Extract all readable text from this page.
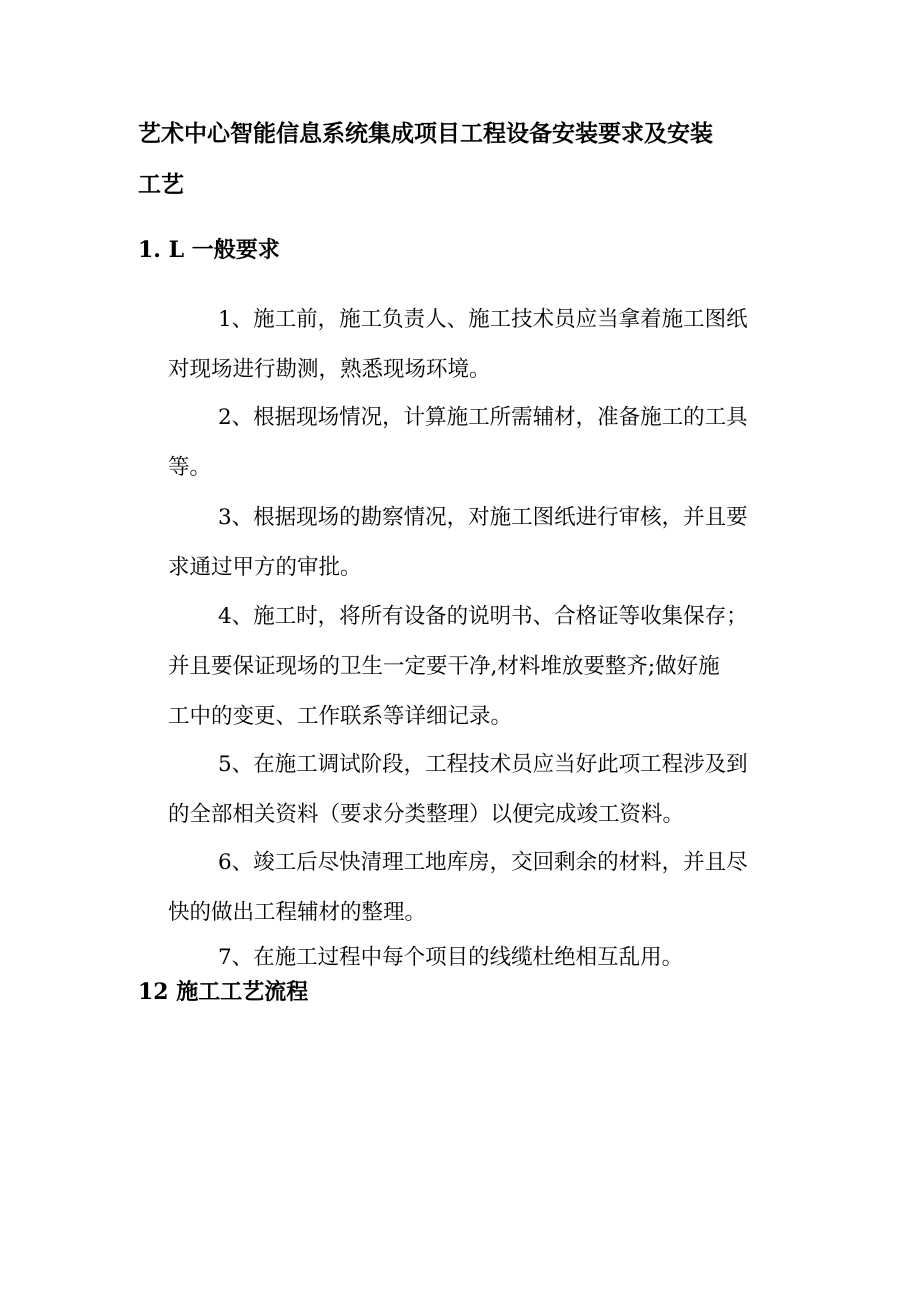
艺术中心智能信息系统集成项目工程设备安装要求及安装
工艺
1. L 一般要求

1、施工前，施工负责人、施工技术员应当拿着施工图纸
对现场进行勘测，熟悉现场环境。

2、根据现场情况，计算施工所需辅材，准备施工的工具
等。

3、根据现场的勘察情况，对施工图纸进行审核，并且要
求通过甲方的审批。

4、施工时，将所有设备的说明书、合格证等收集保存；
并且要保证现场的卫生一定要干净,材料堆放要整齐;做好施
工中的变更、工作联系等详细记录。

5、在施工调试阶段，工程技术员应当好此项工程涉及到
的全部相关资料（要求分类整理）以便完成竣工资料。

6、竣工后尽快清理工地库房，交回剩余的材料，并且尽
快的做出工程辅材的整理。

7、在施工过程中每个项目的线缆杜绝相互乱用。

12 施工工艺流程
